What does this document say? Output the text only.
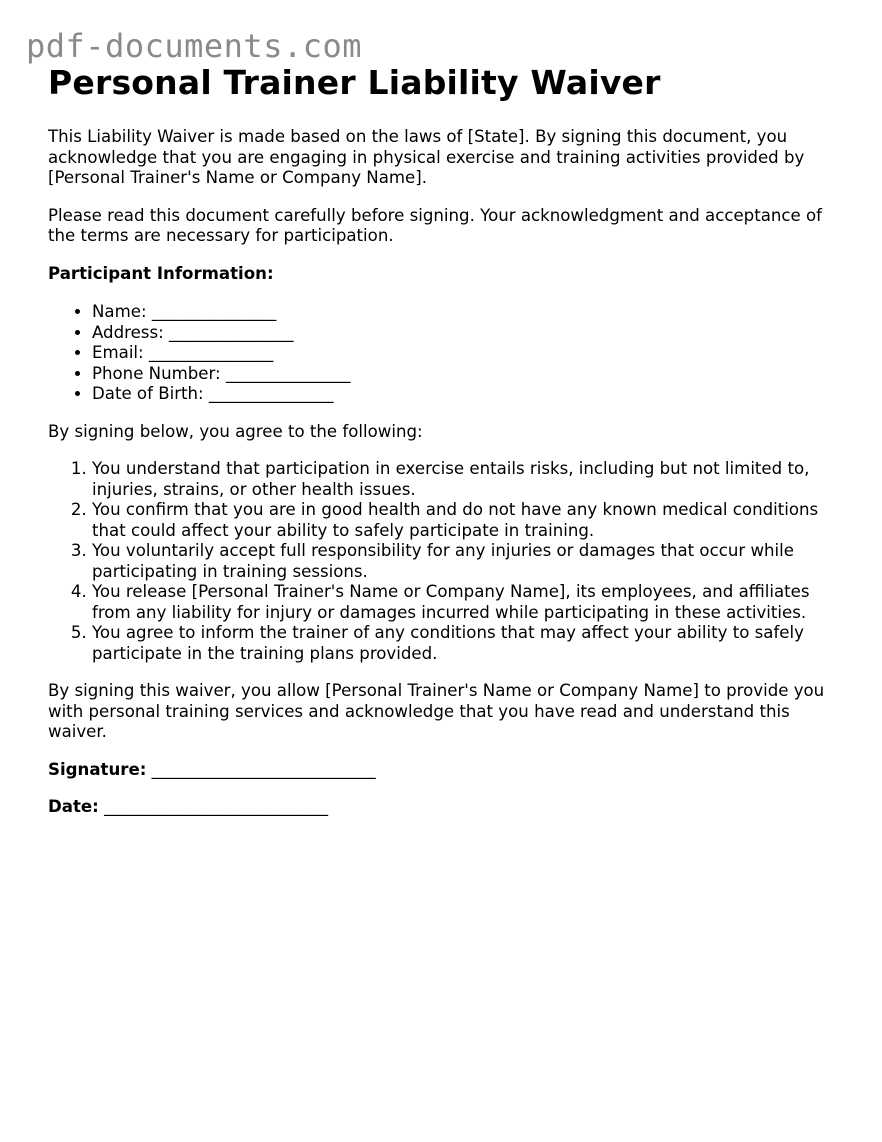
pdf-documents.com
Personal Trainer Liability Waiver

This Liability Waiver is made based on the laws of [State]. By signing this document, you acknowledge that you are engaging in physical exercise and training activities provided by [Personal Trainer's Name or Company Name].

Please read this document carefully before signing. Your acknowledgment and acceptance of the terms are necessary for participation.

Participant Information:

• Name: _______________
• Address: _______________
• Email: _______________
• Phone Number: _______________
• Date of Birth: _______________

By signing below, you agree to the following:

1. You understand that participation in exercise entails risks, including but not limited to, injuries, strains, or other health issues.
2. You confirm that you are in good health and do not have any known medical conditions that could affect your ability to safely participate in training.
3. You voluntarily accept full responsibility for any injuries or damages that occur while participating in training sessions.
4. You release [Personal Trainer's Name or Company Name], its employees, and affiliates from any liability for injury or damages incurred while participating in these activities.
5. You agree to inform the trainer of any conditions that may affect your ability to safely participate in the training plans provided.

By signing this waiver, you allow [Personal Trainer's Name or Company Name] to provide you with personal training services and acknowledge that you have read and understand this waiver.

Signature: ___________________________

Date: ___________________________
